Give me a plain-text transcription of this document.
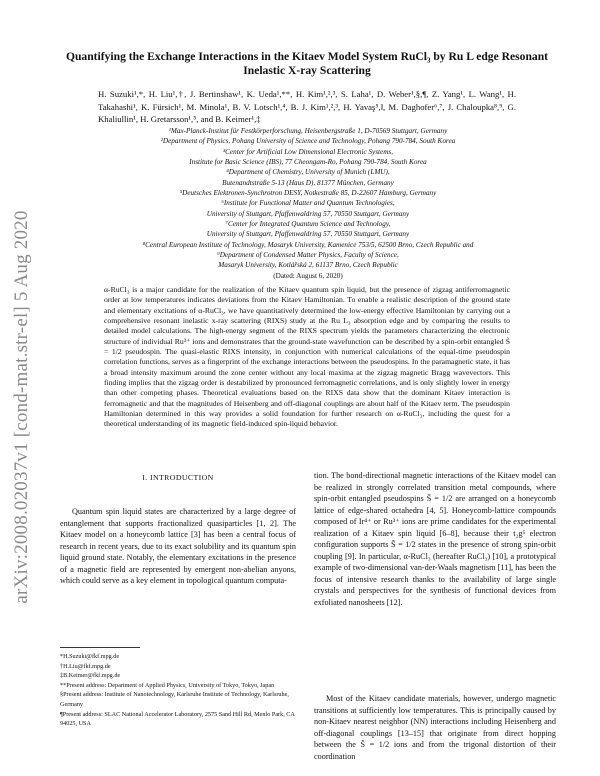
arXiv:2008.02037v1 [cond-mat.str-el] 5 Aug 2020
Quantifying the Exchange Interactions in the Kitaev Model System RuCl₃ by Ru L edge Resonant Inelastic X-ray Scattering
H. Suzuki¹,*, H. Liu¹,†, J. Bertinshaw¹, K. Ueda¹,**, H. Kim¹,²,³, S. Laha¹, D. Weber¹,§,¶, Z. Yang¹, L. Wang¹, H. Takahashi¹, K. Fürsich¹, M. Minola¹, B. V. Lotsch¹,⁴, B. J. Kim¹,²,³, H. Yavaş⁵,‖, M. Daghofer⁶,⁷, J. Chaloupka⁸,⁹, G. Khaliullin¹, H. Gretarsson¹,⁵, and B. Keimer¹,‡
¹Max-Planck-Institut für Festkörperforschung, Heisenbergstraße 1, D-70569 Stuttgart, Germany
²Department of Physics, Pohang University of Science and Technology, Pohang 790-784, South Korea
³Center for Artificial Low Dimensional Electronic Systems,
Institute for Basic Science (IBS), 77 Cheongam-Ro, Pohang 790-784, South Korea
⁴Department of Chemistry, University of Munich (LMU),
Butenandtstraße 5-13 (Haus D), 81377 München, Germany
⁵Deutsches Elektronen-Synchrotron DESY, Notkestraße 85, D-22607 Hamburg, Germany
⁶Institute for Functional Matter and Quantum Technologies,
University of Stuttgart, Pfaffenwaldring 57, 70550 Stuttgart, Germany
⁷Center for Integrated Quantum Science and Technology,
University of Stuttgart, Pfaffenwaldring 57, 70550 Stuttgart, Germany
⁸Central European Institute of Technology, Masaryk University, Kamenice 753/5, 62500 Brno, Czech Republic and
⁹Department of Condensed Matter Physics, Faculty of Science,
Masaryk University, Kotlářská 2, 61137 Brno, Czech Republic
(Dated: August 6, 2020)
α-RuCl₃ is a major candidate for the realization of the Kitaev quantum spin liquid, but the presence of zigzag antiferromagnetic order at low temperatures indicates deviations from the Kitaev Hamiltonian. To enable a realistic description of the ground state and elementary excitations of α-RuCl₃, we have quantitatively determined the low-energy effective Hamiltonian by carrying out a comprehensive resonant inelastic x-ray scattering (RIXS) study at the Ru L₃ absorption edge and by comparing the results to detailed model calculations. The high-energy segment of the RIXS spectrum yields the parameters characterizing the electronic structure of individual Ru³⁺ ions and demonstrates that the ground-state wavefunction can be described by a spin-orbit entangled S̃ = 1/2 pseudospin. The quasi-elastic RIXS intensity, in conjunction with numerical calculations of the equal-time pseudospin correlation functions, serves as a fingerprint of the exchange interactions between the pseudospins. In the paramagnetic state, it has a broad intensity maximum around the zone center without any local maxima at the zigzag magnetic Bragg wavevectors. This finding implies that the zigzag order is destabilized by pronounced ferromagnetic correlations, and is only slightly lower in energy than other competing phases. Theoretical evaluations based on the RIXS data show that the dominant Kitaev interaction is ferromagnetic and that the magnitudes of Heisenberg and off-diagonal couplings are about half of the Kitaev term. The pseudospin Hamiltonian determined in this way provides a solid foundation for further research on α-RuCl₃, including the quest for a theoretical understanding of its magnetic field-induced spin-liquid behavior.
I. INTRODUCTION
Quantum spin liquid states are characterized by a large degree of entanglement that supports fractionalized quasiparticles [1, 2]. The Kitaev model on a honeycomb lattice [3] has been a central focus of research in recent years, due to its exact solubility and its quantum spin liquid ground state. Notably, the elementary excitations in the presence of a magnetic field are represented by emergent non-abelian anyons, which could serve as a key element in topological quantum computa-
*H.Suzuki@fkf.mpg.de
†H.Liu@fkf.mpg.de
‡B.Keimer@fkf.mpg.de
**Present address: Department of Applied Physics, University of Tokyo, Tokyo, Japan
§Present address: Institute of Nanotechnology, Karlsruhe Institute of Technology, Karlsruhe, Germany
¶Present address: SLAC National Accelerator Laboratory, 2575 Sand Hill Rd, Menlo Park, CA 94025, USA
tion. The bond-directional magnetic interactions of the Kitaev model can be realized in strongly correlated transition metal compounds, where spin-orbit entangled pseudospins S̃ = 1/2 are arranged on a honeycomb lattice of edge-shared octahedra [4, 5]. Honeycomb-lattice compounds composed of Ir⁴⁺ or Ru³⁺ ions are prime candidates for the experimental realization of a Kitaev spin liquid [6–8], because their t₂g⁵ electron configuration supports S̃ = 1/2 states in the presence of strong spin-orbit coupling [9]. In particular, α-RuCl₃ (hereafter RuCl₃) [10], a prototypical example of two-dimensional van-der-Waals magnetism [11], has been the focus of intensive research thanks to the availability of large single crystals and perspectives for the synthesis of functional devices from exfoliated nanosheets [12].
Most of the Kitaev candidate materials, however, undergo magnetic transitions at sufficiently low temperatures. This is principally caused by non-Kitaev nearest neighbor (NN) interactions including Heisenberg and off-diagonal couplings [13–15] that originate from direct hopping between the S̃ = 1/2 ions and from the trigonal distortion of their coordination
